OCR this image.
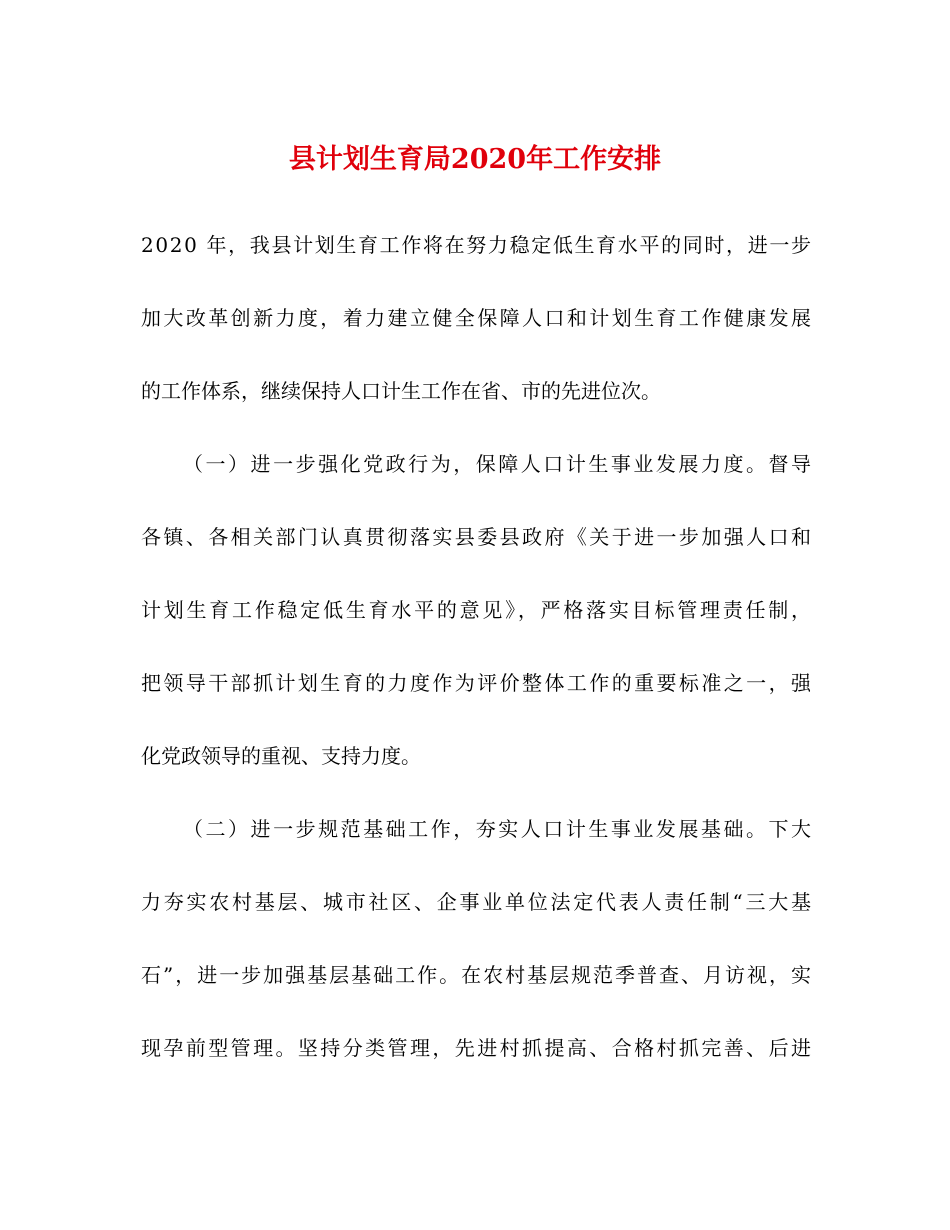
县计划生育局2020年工作安排

2020 年，我县计划生育工作将在努力稳定低生育水平的同时，进一步

加大改革创新力度，着力建立健全保障人口和计划生育工作健康发展

的工作体系，继续保持人口计生工作在省、市的先进位次。

（一）进一步强化党政行为，保障人口计生事业发展力度。督导

各镇、各相关部门认真贯彻落实县委县政府《关于进一步加强人口和

计划生育工作稳定低生育水平的意见》，严格落实目标管理责任制，

把领导干部抓计划生育的力度作为评价整体工作的重要标准之一，强

化党政领导的重视、支持力度。

（二）进一步规范基础工作，夯实人口计生事业发展基础。下大

力夯实农村基层、城市社区、企事业单位法定代表人责任制“三大基

石”，进一步加强基层基础工作。在农村基层规范季普查、月访视，实

现孕前型管理。坚持分类管理，先进村抓提高、合格村抓完善、后进
